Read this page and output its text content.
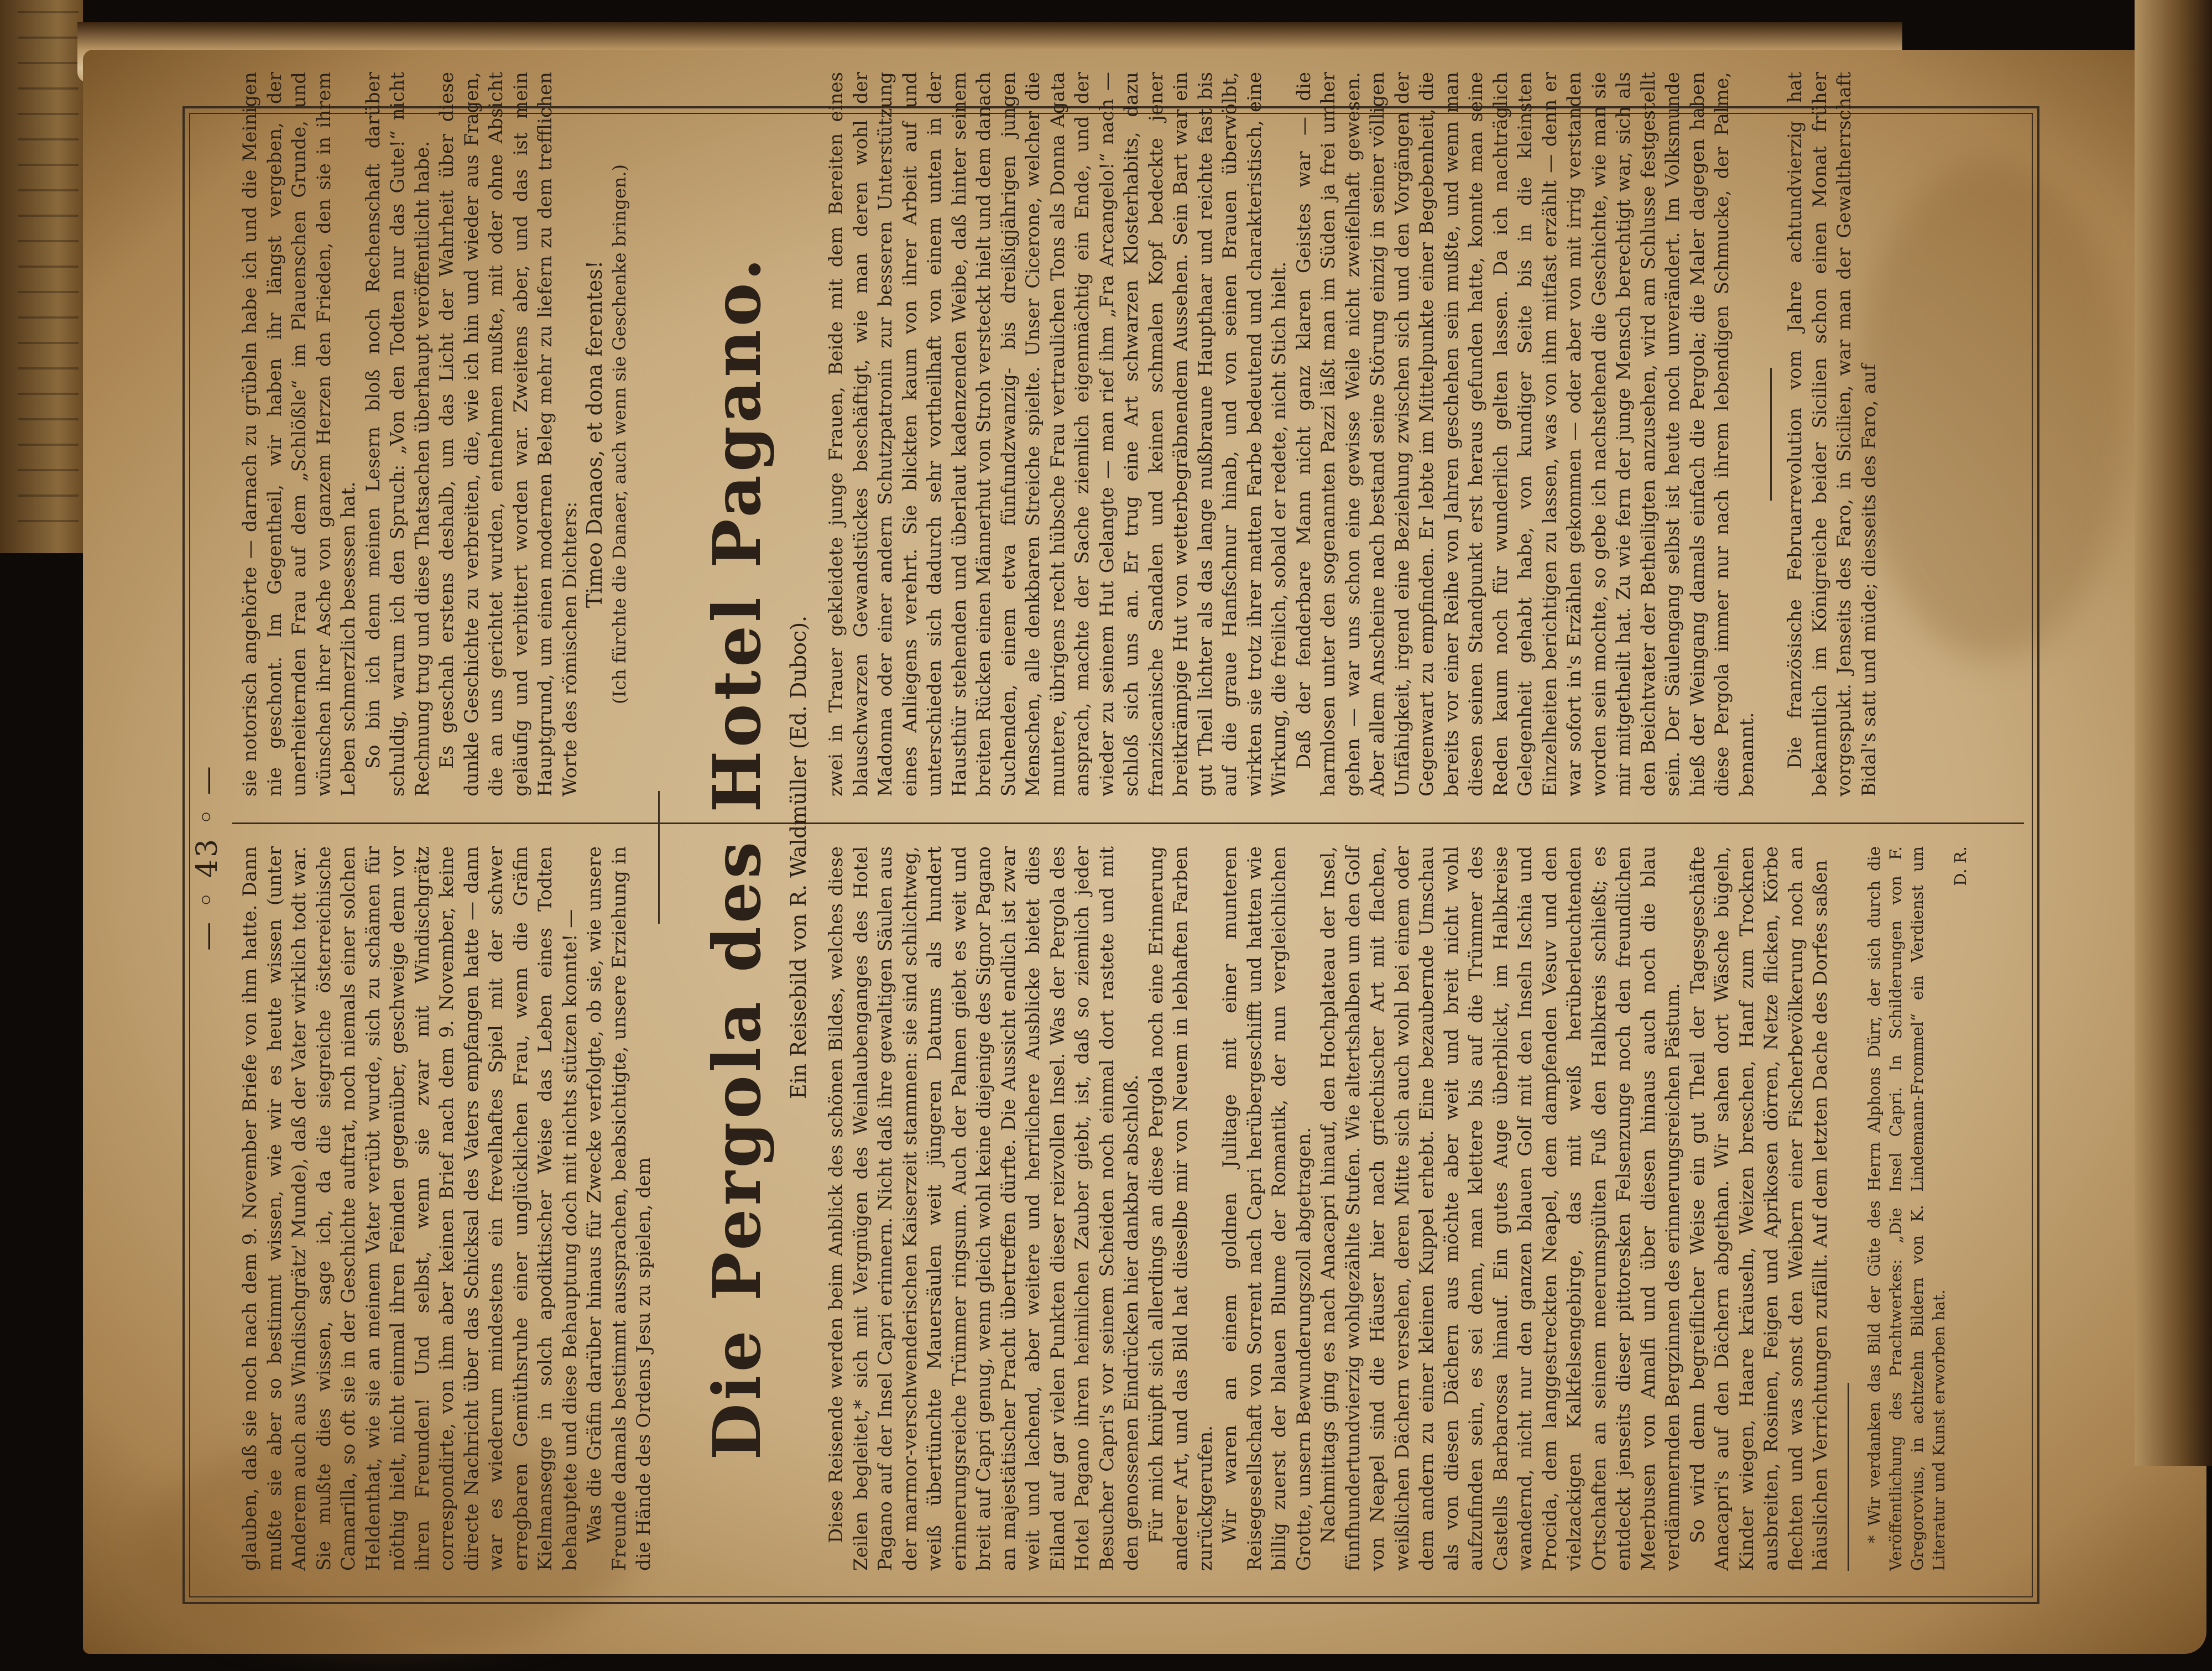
— ◦ 43 ◦ — glauben, daß sie noch nach dem 9. November Briefe von ihm hatte. Dann mußte sie aber so bestimmt wissen, wie wir es heute wissen (unter Anderem auch aus Windischgrätz' Munde), daß der Vater wirklich todt war. Sie mußte dies wissen, sage ich, da die siegreiche österreichische Camarilla, so oft sie in der Geschichte auftrat, noch niemals einer solchen Heldenthat, wie sie an meinem Vater verübt wurde, sich zu schämen für nöthig hielt, nicht einmal ihren Feinden gegenüber, geschweige denn vor ihren Freunden! Und selbst, wenn sie zwar mit Windischgrätz correspondirte, von ihm aber keinen Brief nach dem 9. November, keine directe Nachricht über das Schicksal des Vaters empfangen hatte — dann war es wiederum mindestens ein frevelhaftes Spiel mit der schwer erregbaren Gemüthsruhe einer unglücklichen Frau, wenn die Gräfin Kielmansegge in solch apodiktischer Weise das Leben eines Todten behauptete und diese Behauptung doch mit nichts stützen konnte! — Was die Gräfin darüber hinaus für Zwecke verfolgte, ob sie, wie unsere Freunde damals bestimmt aussprachen, beabsichtigte, unsere Erziehung in die Hände des Ordens Jesu zu spielen, dem

sie notorisch angehörte — darnach zu grübeln habe ich und die Meinigen nie geschont. Im Gegentheil, wir haben ihr längst vergeben, der unerheiternden Frau auf dem „Schlößle“ im Plauenschen Grunde, und wünschen ihrer Asche von ganzem Herzen den Frieden, den sie in ihrem Leben schmerzlich besessen hat. So bin ich denn meinen Lesern bloß noch Rechenschaft darüber schuldig, warum ich den Spruch: „Von den Todten nur das Gute!“ nicht Rechnung trug und diese Thatsachen überhaupt veröffentlicht habe. Es geschah erstens deshalb, um das Licht der Wahrheit über diese dunkle Geschichte zu verbreiten, die, wie ich hin und wieder aus Fragen, die an uns gerichtet wurden, entnehmen mußte, mit oder ohne Absicht geläufig und verbittert worden war. Zweitens aber, und das ist mein Hauptgrund, um einen modernen Beleg mehr zu liefern zu dem trefflichen Worte des römischen Dichters:

Timeo Danaos, et dona ferentes! (Ich fürchte die Danaer, auch wenn sie Geschenke bringen.) Die Pergola des Hotel Pagano. Ein Reisebild von R. Waldmüller (Ed. Duboc). Diese Reisende werden beim Anblick des schönen Bildes, welches diese Zeilen begleitet,* sich mit Vergnügen des Weinlaubenganges des Hotel Pagano auf der Insel Capri erinnern. Nicht daß ihre gewaltigen Säulen aus der marmor-verschwenderischen Kaiserzeit stammen: sie sind schlichtweg, weiß übertünchte Mauersäulen weit jüngeren Datums als hundert erinnerungsreiche Trümmer ringsum. Auch der Palmen giebt es weit und breit auf Capri genug, wenn gleich wohl keine diejenige des Signor Pagano an majestätischer Pracht übertreffen dürfte. Die Aussicht endlich ist zwar weit und lachend, aber weitere und herrlichere Ausblicke bietet dies Eiland auf gar vielen Punkten dieser reizvollen Insel. Was der Pergola des Hotel Pagano ihren heimlichen Zauber giebt, ist, daß so ziemlich jeder Besucher Capri's vor seinem Scheiden noch einmal dort rastete und mit den genossenen Eindrücken hier dankbar abschloß. Für mich knüpft sich allerdings an diese Pergola noch eine Erinnerung anderer Art, und das Bild hat dieselbe mir von Neuem in lebhaften Farben zurückgerufen. Wir waren an einem goldnen Julitage mit einer munteren Reisegesellschaft von Sorrent nach Capri herübergeschifft und hatten wie billig zuerst der blauen Blume der Romantik, der nun vergleichlichen Grotte, unsern Bewunderungszoll abgetragen. Nachmittags ging es nach Anacapri hinauf, den Hochplateau der Insel, fünfhundertundvierzig wohlgezählte Stufen. Wie altertshalben um den Golf von Neapel sind die Häuser hier nach griechischer Art mit flachen, weißlichen Dächern versehen, deren Mitte sich auch wohl bei einem oder dem andern zu einer kleinen Kuppel erhebt. Eine bezaubernde Umschau als von diesen Dächern aus möchte aber weit und breit nicht wohl aufzufinden sein, es sei denn, man klettere bis auf die Trümmer des Castells Barbarossa hinauf. Ein gutes Auge überblickt, im Halbkreise wandernd, nicht nur den ganzen blauen Golf mit den Inseln Ischia und Procida, dem langgestreckten Neapel, dem dampfenden Vesuv und den vielzackigen Kalkfelsengebirge, das mit weiß herüberleuchtenden Ortschaften an seinem meerumspülten Fuß den Halbkreis schließt; es entdeckt jenseits dieser pittoresken Felsenzunge noch den freundlichen Meerbusen von Amalfi und über diesen hinaus auch noch die blau verdämmernden Bergzinnen des erinnerungsreichen Pästum. So wird denn begreiflicher Weise ein gut Theil der Tagesgeschäfte Anacapri's auf den Dächern abgethan. Wir sahen dort Wäsche bügeln, Kinder wiegen, Haare kräuseln, Weizen breschen, Hanf zum Trocknen ausbreiten, Rosinen, Feigen und Aprikosen dörren, Netze flicken, Körbe flechten und was sonst den Weibern einer Fischerbevölkerung noch an häuslichen Verrichtungen zufällt. Auf dem letzten Dache des Dorfes saßen * Wir verdanken das Bild der Güte des Herrn Alphons Dürr, der sich durch die Veröffentlichung des Prachtwerkes: „Die Insel Capri. In Schilderungen von F. Gregorovius, in achtzehn Bildern von K. Lindemann-Frommel“ ein Verdienst um Literatur und Kunst erworben hat.

D. R.

zwei in Trauer gekleidete junge Frauen, Beide mit dem Bereiten eines blauschwarzen Gewandstückes beschäftigt, wie man deren wohl der Madonna oder einer andern Schutzpatronin zur besseren Unterstützung eines Anliegens verehrt. Sie blickten kaum von ihrer Arbeit auf und unterschieden sich dadurch sehr vortheilhaft von einem unten in der Hausthür stehenden und überlaut kadenzenden Weibe, daß hinter seinem breiten Rücken einen Männerhut von Stroh versteckt hielt und dem danach Suchenden, einem etwa fünfundzwanzig- bis dreißigjährigen jungen Menschen, alle denkbaren Streiche spielte. Unser Cicerone, welcher die muntere, übrigens recht hübsche Frau vertraulichen Tons als Donna Agata ansprach, machte der Sache ziemlich eigenmächtig ein Ende, und der wieder zu seinem Hut Gelangte — man rief ihm „Fra Arcangelo!“ nach — schloß sich uns an. Er trug eine Art schwarzen Klosterhabits, dazu franziscanische Sandalen und keinen schmalen Kopf bedeckte jener breitkrämpige Hut von wetterbegräbnendem Aussehen. Sein Bart war ein gut Theil lichter als das lange nußbraune Haupthaar und reichte fast bis auf die graue Hanfschnur hinab, und von seinen Brauen überwölbt, wirkten sie trotz ihrer matten Farbe bedeutend und charakteristisch, eine Wirkung, die freilich, sobald er redete, nicht Stich hielt. Daß der fenderbare Mann nicht ganz klaren Geistes war — die harmlosen unter den sogenannten Pazzi läßt man im Süden ja frei umher gehen — war uns schon eine gewisse Weile nicht zweifelhaft gewesen. Aber allem Anscheine nach bestand seine Störung einzig in seiner völligen Unfähigkeit, irgend eine Beziehung zwischen sich und den Vorgängen der Gegenwart zu empfinden. Er lebte im Mittelpunkte einer Begebenheit, die bereits vor einer Reihe von Jahren geschehen sein mußte, und wenn man diesen seinen Standpunkt erst heraus gefunden hatte, konnte man seine Reden kaum noch für wunderlich gelten lassen. Da ich nachträglich Gelegenheit gehabt habe, von kundiger Seite bis in die kleinsten Einzelheiten berichtigen zu lassen, was von ihm mitfast erzählt — denn er war sofort in's Erzählen gekommen — oder aber von mit irrig verstanden worden sein mochte, so gebe ich nachstehend die Geschichte, wie man sie mir mitgetheilt hat. Zu wie fern der junge Mensch berechtigt war, sich als den Beichtvater der Betheiligten anzusehen, wird am Schlusse festgestellt sein. Der Säulengang selbst ist heute noch unverändert. Im Volksmunde hieß der Weingang damals einfach die Pergola; die Maler dagegen haben diese Pergola immer nur nach ihrem lebendigen Schmucke, der Palme, benannt. Die französische Februarrevolution vom Jahre achtundvierzig hat bekanntlich im Königreiche beider Sicilien schon einen Monat früher vorgespukt. Jenseits des Faro, in Sicilien, war man der Gewaltherrschaft Bidal's satt und müde; diesseits des Faro, auf
